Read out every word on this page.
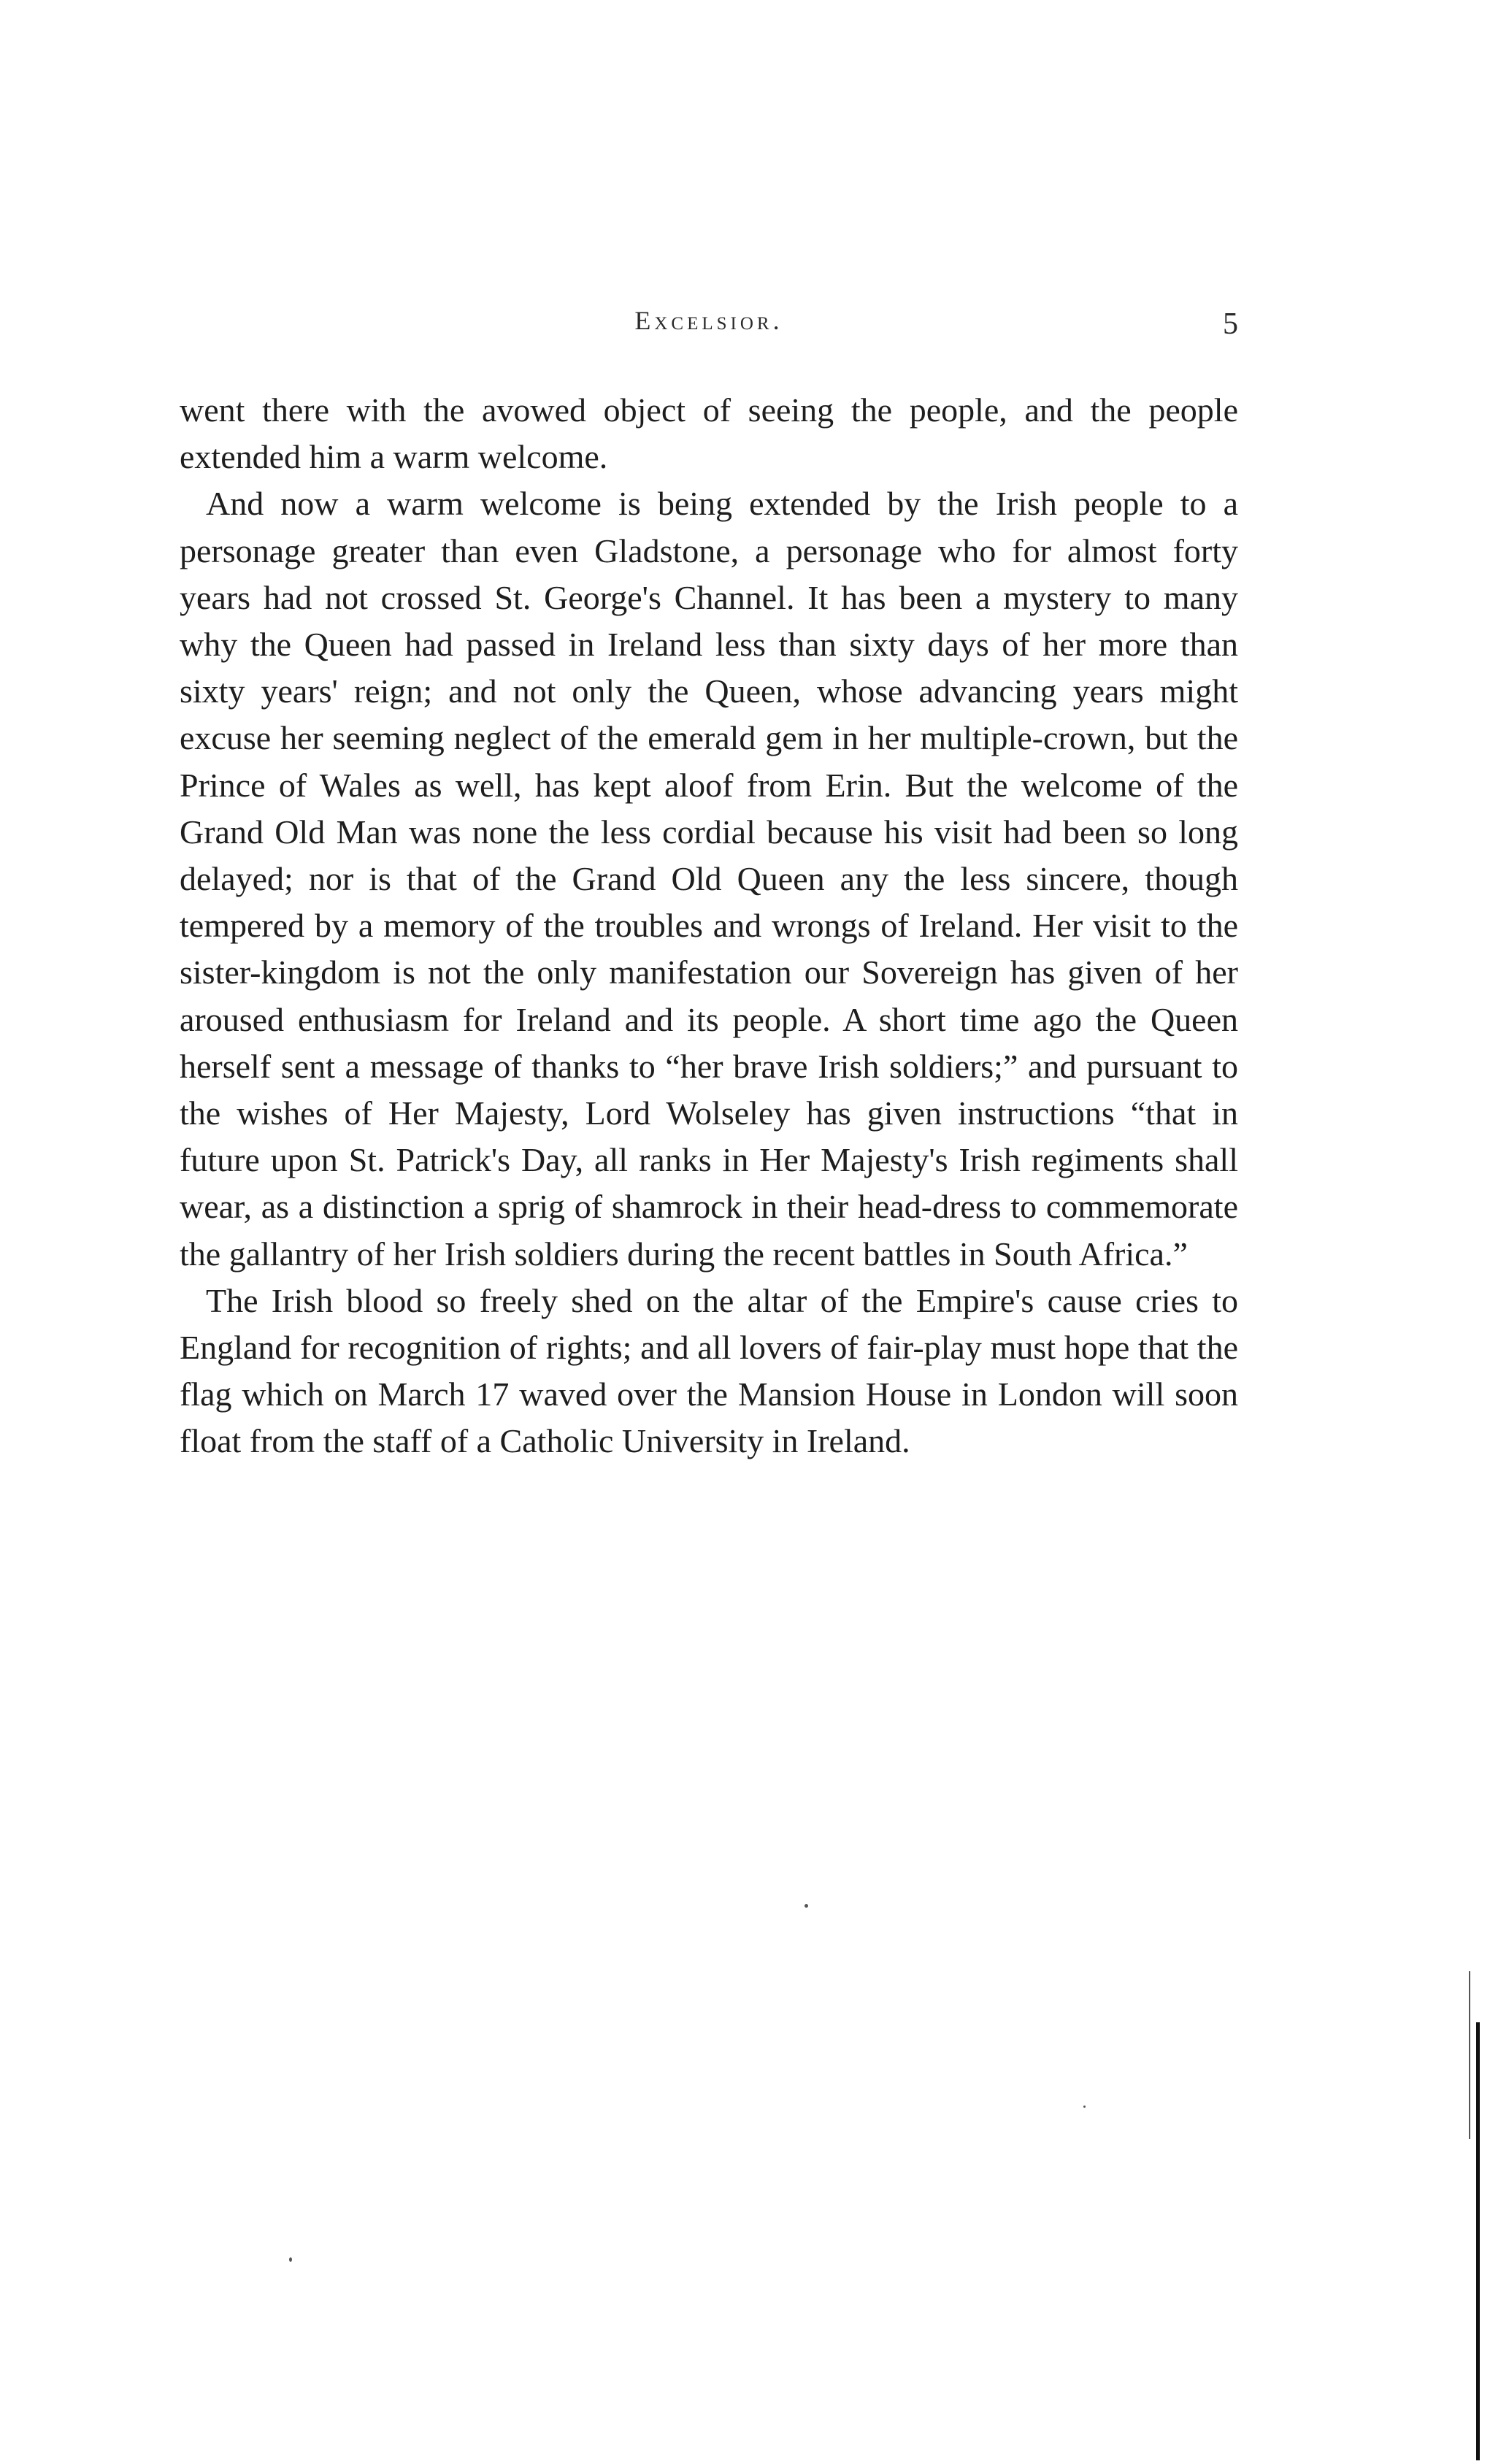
Excelsior.	5

went there with the avowed object of seeing the people, and the people extended him a warm welcome.

And now a warm welcome is being extended by the Irish people to a personage greater than even Gladstone, a personage who for almost forty years had not crossed St. George's Channel. It has been a mystery to many why the Queen had passed in Ireland less than sixty days of her more than sixty years' reign; and not only the Queen, whose advancing years might excuse her seeming neglect of the emerald gem in her multiple-crown, but the Prince of Wales as well, has kept aloof from Erin. But the welcome of the Grand Old Man was none the less cordial because his visit had been so long delayed; nor is that of the Grand Old Queen any the less sincere, though tempered by a memory of the troubles and wrongs of Ireland. Her visit to the sister-kingdom is not the only manifestation our Sovereign has given of her aroused enthusiasm for Ireland and its people. A short time ago the Queen herself sent a message of thanks to “her brave Irish soldiers;” and pursuant to the wishes of Her Majesty, Lord Wolseley has given instructions “that in future upon St. Patrick's Day, all ranks in Her Majesty's Irish regiments shall wear, as a distinction a sprig of shamrock in their head-dress to commemorate the gallantry of her Irish soldiers during the recent battles in South Africa.”

The Irish blood so freely shed on the altar of the Empire's cause cries to England for recognition of rights; and all lovers of fair-play must hope that the flag which on March 17 waved over the Mansion House in London will soon float from the staff of a Catholic University in Ireland.
